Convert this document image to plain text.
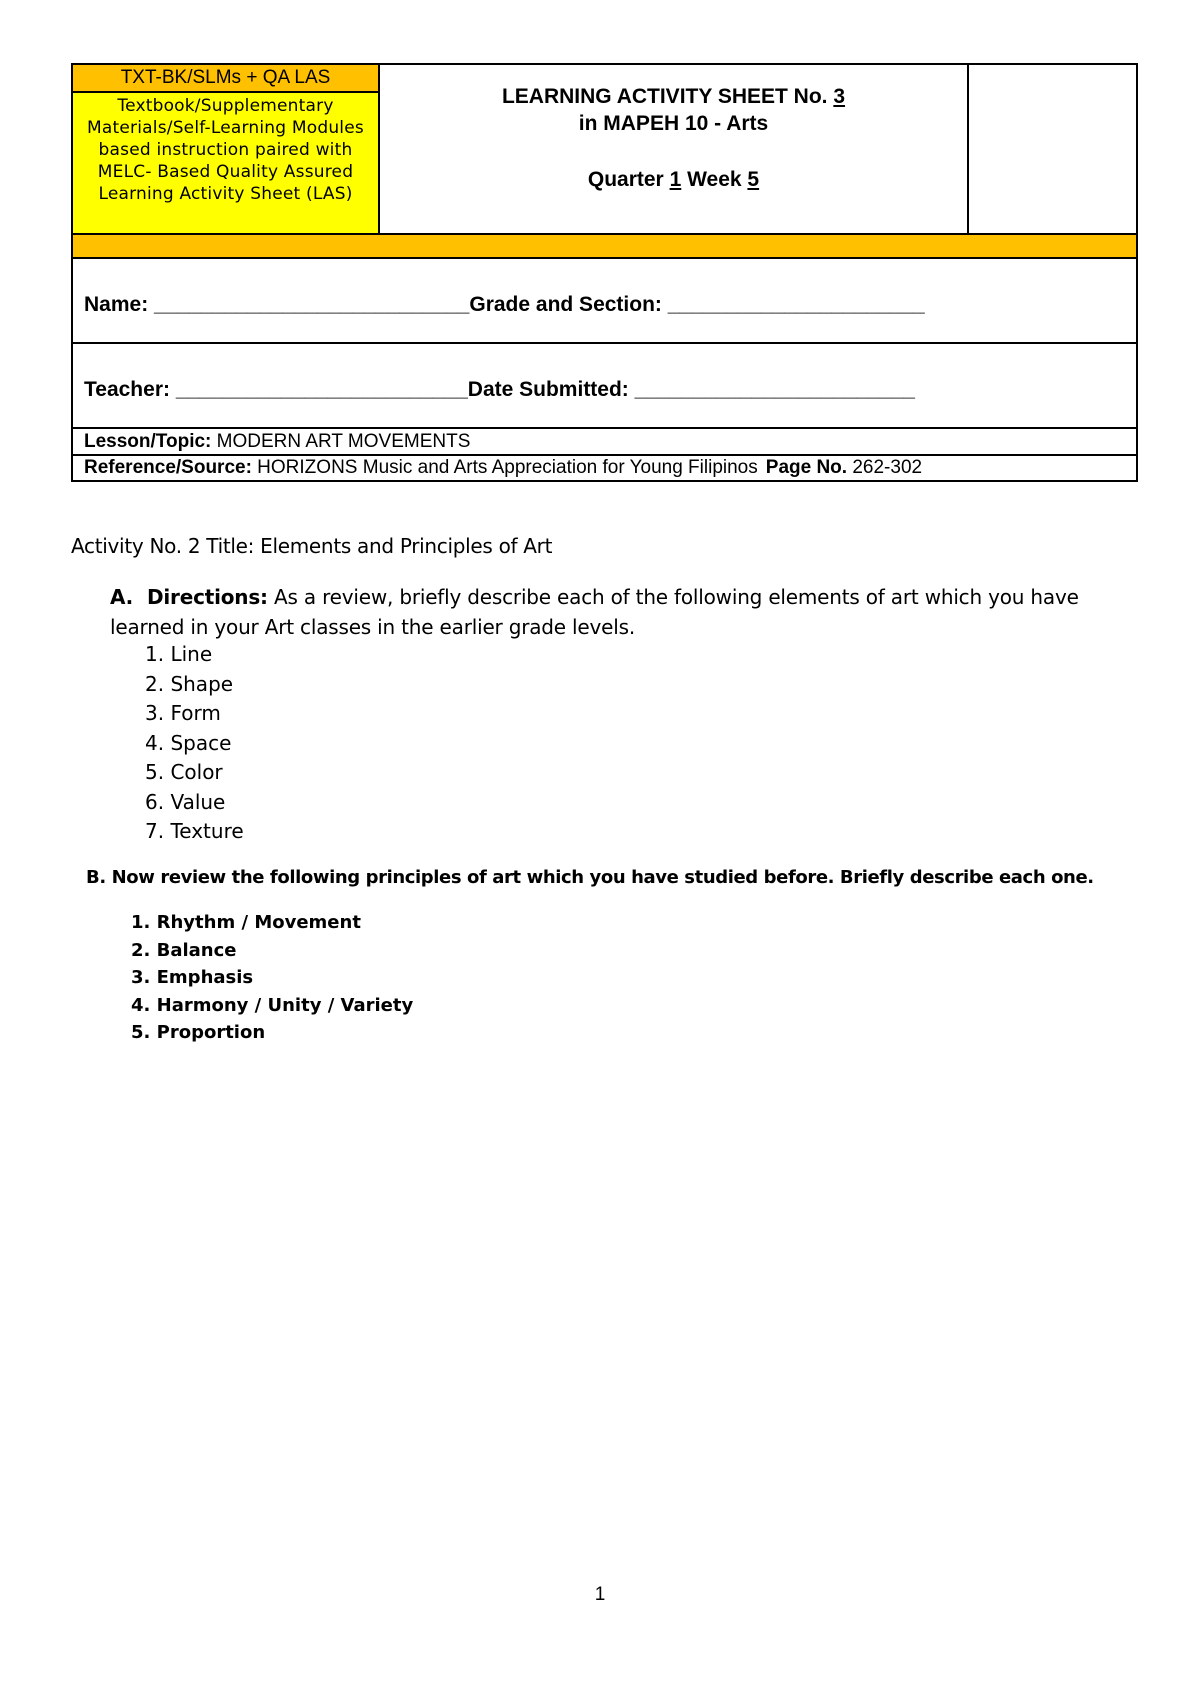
TXT-BK/SLMs + QA LAS
Textbook/Supplementary Materials/Self-Learning Modules based instruction paired with MELC- Based Quality Assured Learning Activity Sheet (LAS)
LEARNING ACTIVITY SHEET No. 3
in MAPEH 10 - Arts
Quarter 1 Week 5
Name: ___________________________Grade and Section: ______________________
Teacher: _________________________Date Submitted: ________________________
Lesson/Topic: MODERN ART MOVEMENTS
Reference/Source: HORIZONS Music and Arts Appreciation for Young Filipinos Page No. 262-302
Activity No. 2 Title: Elements and Principles of Art
A. Directions: As a review, briefly describe each of the following elements of art which you have learned in your Art classes in the earlier grade levels.
1. Line
2. Shape
3. Form
4. Space
5. Color
6. Value
7. Texture
B. Now review the following principles of art which you have studied before. Briefly describe each one.
1. Rhythm / Movement
2. Balance
3. Emphasis
4. Harmony / Unity / Variety
5. Proportion
1
